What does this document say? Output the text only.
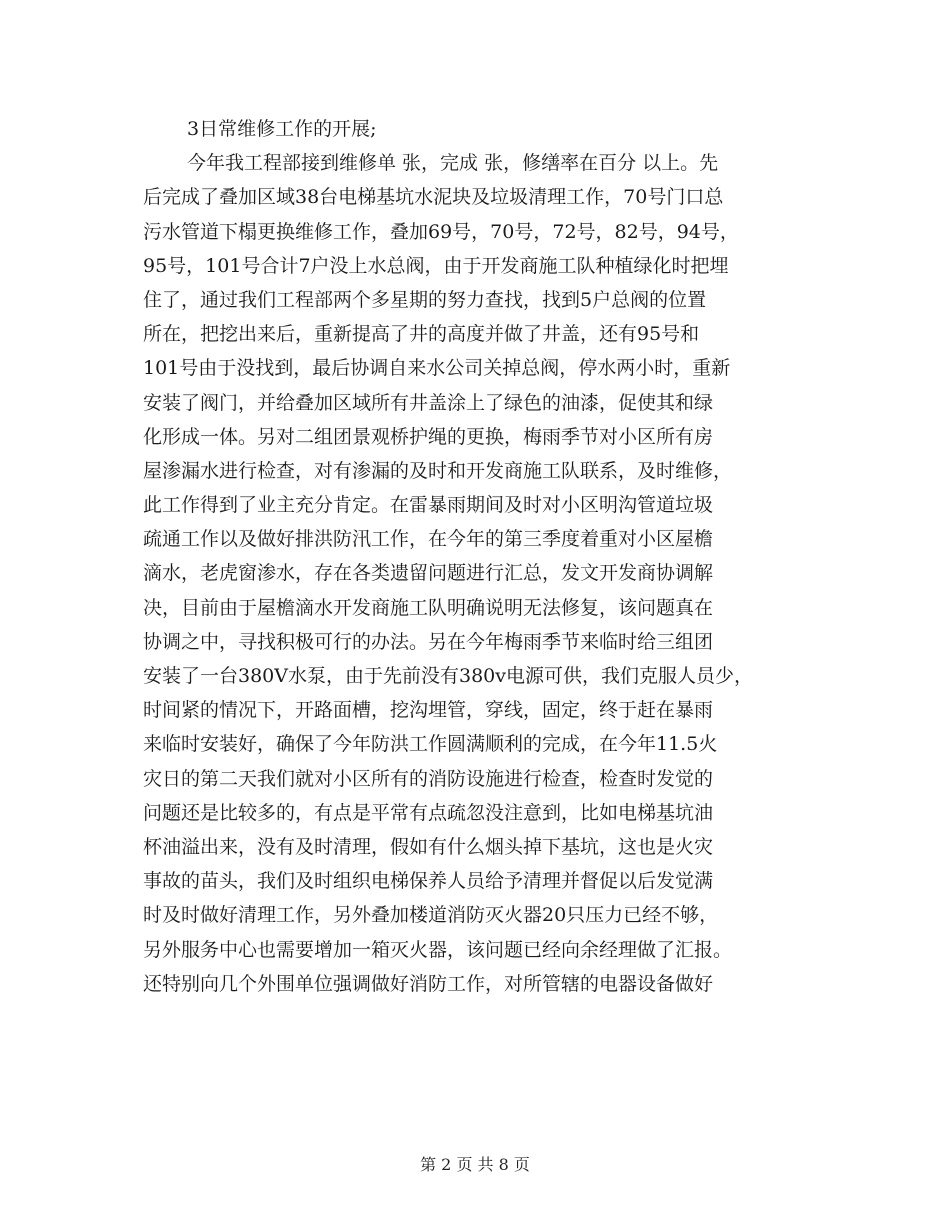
3日常维修工作的开展;
今年我工程部接到维修单 张，完成 张，修缮率在百分 以上。先
后完成了叠加区域38台电梯基坑水泥块及垃圾清理工作，70号门口总
污水管道下榻更换维修工作，叠加69号，70号，72号，82号，94号，
95号，101号合计7户没上水总阀，由于开发商施工队种植绿化时把埋
住了，通过我们工程部两个多星期的努力查找，找到5户总阀的位置
所在，把挖出来后，重新提高了井的高度并做了井盖，还有95号和
101号由于没找到，最后协调自来水公司关掉总阀，停水两小时，重新
安装了阀门，并给叠加区域所有井盖涂上了绿色的油漆，促使其和绿
化形成一体。另对二组团景观桥护绳的更换，梅雨季节对小区所有房
屋渗漏水进行检查，对有渗漏的及时和开发商施工队联系，及时维修，
此工作得到了业主充分肯定。在雷暴雨期间及时对小区明沟管道垃圾
疏通工作以及做好排洪防汛工作，在今年的第三季度着重对小区屋檐
滴水，老虎窗渗水，存在各类遗留问题进行汇总，发文开发商协调解
决，目前由于屋檐滴水开发商施工队明确说明无法修复，该问题真在
协调之中，寻找积极可行的办法。另在今年梅雨季节来临时给三组团
安装了一台380V水泵，由于先前没有380v电源可供，我们克服人员少，
时间紧的情况下，开路面槽，挖沟埋管，穿线，固定，终于赶在暴雨
来临时安装好，确保了今年防洪工作圆满顺利的完成，在今年11.5火
灾日的第二天我们就对小区所有的消防设施进行检查，检查时发觉的
问题还是比较多的，有点是平常有点疏忽没注意到，比如电梯基坑油
杯油溢出来，没有及时清理，假如有什么烟头掉下基坑，这也是火灾
事故的苗头，我们及时组织电梯保养人员给予清理并督促以后发觉满
时及时做好清理工作，另外叠加楼道消防灭火器20只压力已经不够，
另外服务中心也需要增加一箱灭火器，该问题已经向余经理做了汇报。
还特别向几个外围单位强调做好消防工作，对所管辖的电器设备做好
第 2 页 共 8 页
